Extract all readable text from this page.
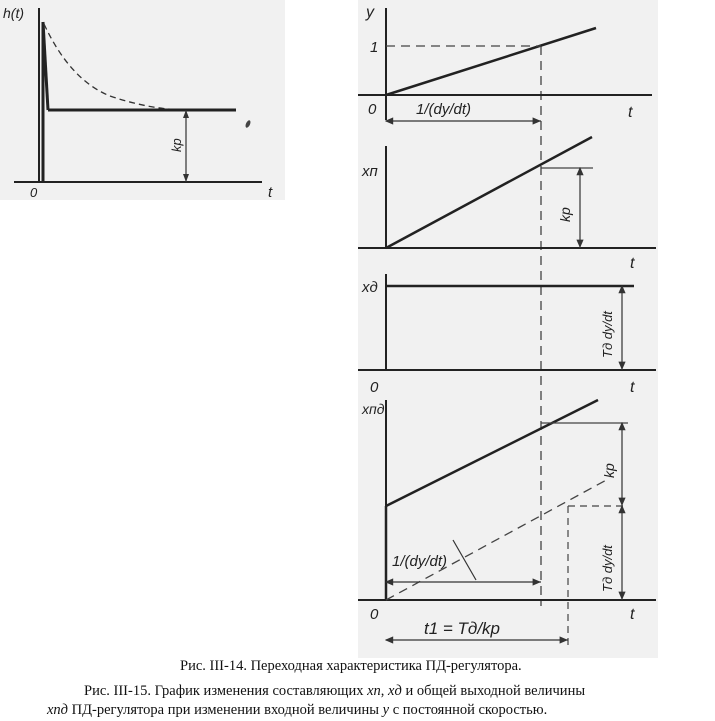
h(t)
t
0
kp
y
1
0	t
1/(dy/dt)
xп
t
kp
xд
0	t
Tд dy/dt
xпд
0	t
kp
Tд dy/dt
1/(dy/dt)
t1 = Tд/kp
Рис. III-14. Переходная характеристика ПД-регулятора.
Рис. III-15. График изменения составляющих xп, xд и общей выходной величины
xпд ПД-регулятора при изменении входной величины y с постоянной скоростью.
